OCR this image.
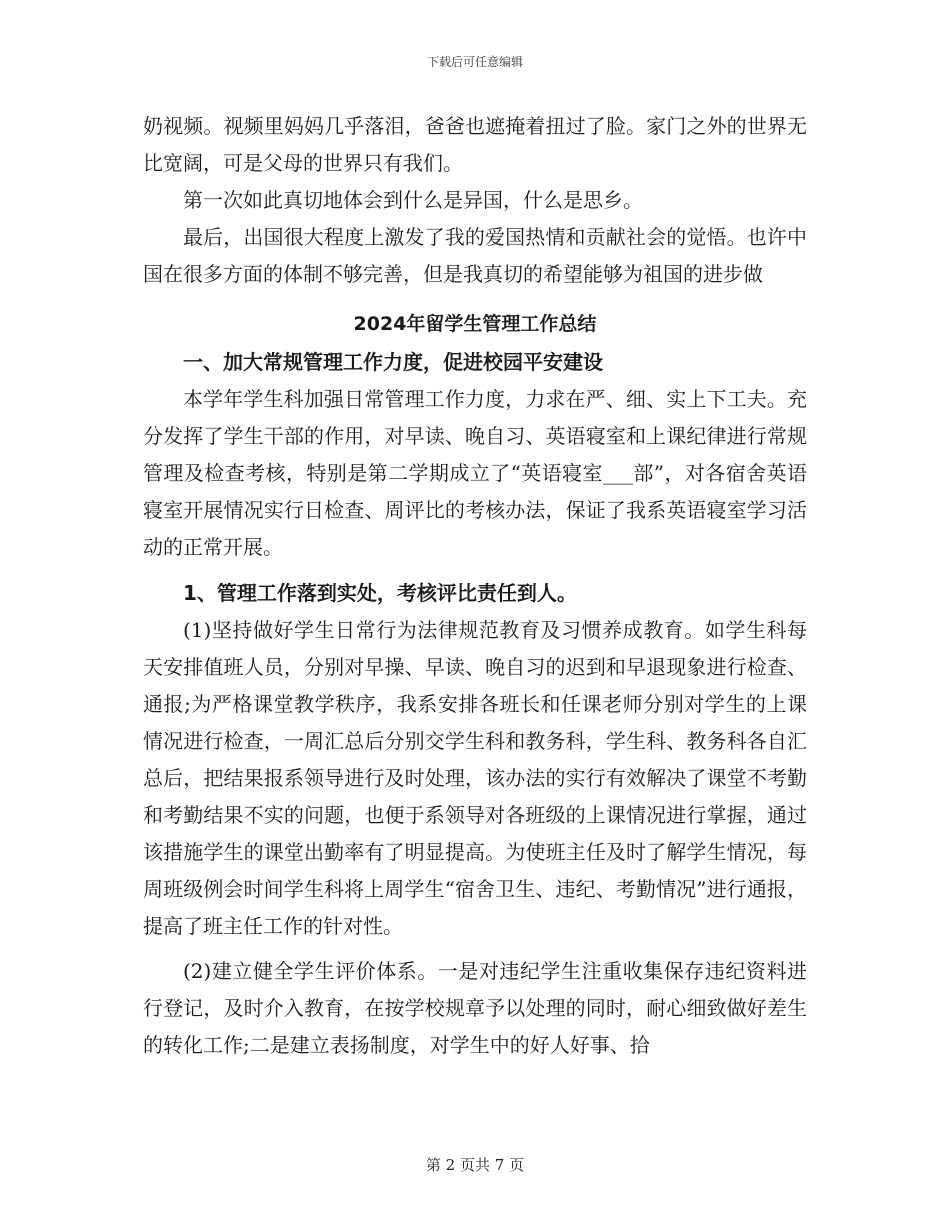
下载后可任意编辑

奶视频。视频里妈妈几乎落泪，爸爸也遮掩着扭过了脸。家门之外的世界无比宽阔，可是父母的世界只有我们。

第一次如此真切地体会到什么是异国，什么是思乡。

最后，出国很大程度上激发了我的爱国热情和贡献社会的觉悟。也许中国在很多方面的体制不够完善，但是我真切的希望能够为祖国的进步做

2024年留学生管理工作总结

一、加大常规管理工作力度，促进校园平安建设

本学年学生科加强日常管理工作力度，力求在严、细、实上下工夫。充分发挥了学生干部的作用，对早读、晚自习、英语寝室和上课纪律进行常规管理及检查考核，特别是第二学期成立了“英语寝室___部”，对各宿舍英语寝室开展情况实行日检查、周评比的考核办法，保证了我系英语寝室学习活动的正常开展。

1、管理工作落到实处，考核评比责任到人。

(1)坚持做好学生日常行为法律规范教育及习惯养成教育。如学生科每天安排值班人员，分别对早操、早读、晚自习的迟到和早退现象进行检查、通报;为严格课堂教学秩序，我系安排各班长和任课老师分别对学生的上课情况进行检查，一周汇总后分别交学生科和教务科，学生科、教务科各自汇总后，把结果报系领导进行及时处理，该办法的实行有效解决了课堂不考勤和考勤结果不实的问题，也便于系领导对各班级的上课情况进行掌握，通过该措施学生的课堂出勤率有了明显提高。为使班主任及时了解学生情况，每周班级例会时间学生科将上周学生“宿舍卫生、违纪、考勤情况”进行通报，提高了班主任工作的针对性。

(2)建立健全学生评价体系。一是对违纪学生注重收集保存违纪资料进行登记，及时介入教育，在按学校规章予以处理的同时，耐心细致做好差生的转化工作;二是建立表扬制度，对学生中的好人好事、拾

第 2 页共 7 页
